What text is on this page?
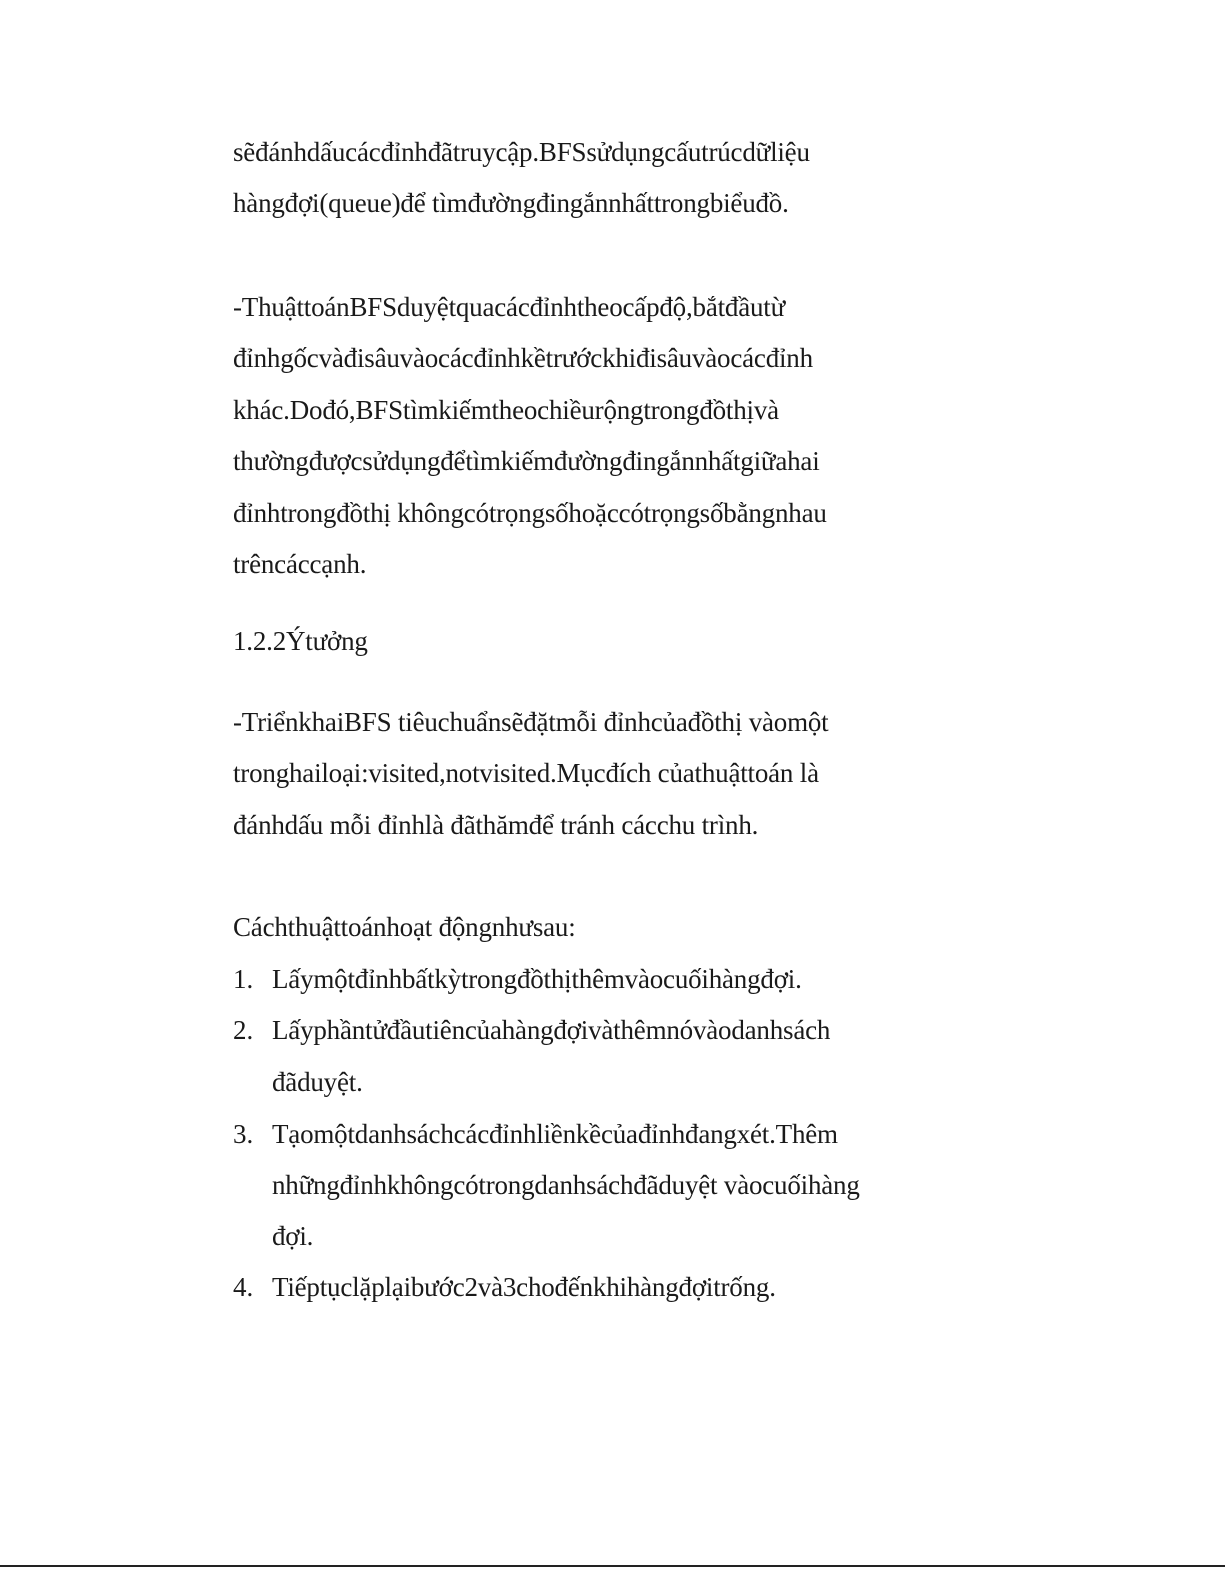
sẽđánhdấucácđỉnhđãtruycập.BFSsửdụngcấutrúcdữliệu
hàngđợi(queue)để tìmđườngđingắnnhấttrongbiểuđồ.
-ThuậttoánBFSduyệtquacácđỉnhtheocấpđộ,bắtđầutừ
đỉnhgốcvàđisâuvàocácđỉnhkềtrướckhiđisâuvàocácđỉnh
khác.Dođó,BFStìmkiếmtheochiềurộngtrongđồthịvà
thườngđượcsửdụngđểtìmkiếmđườngđingắnnhấtgiữahai
đỉnhtrongđồthị khôngcótrọngsốhoặccótrọngsốbằngnhau
trêncáccạnh.
1.2.2Ýtưởng
-TriểnkhaiBFS tiêuchuẩnsẽđặtmỗi đỉnhcủađồthị vàomột
tronghailoại:visited,notvisited.Mụcđích củathuậttoán là
đánhdấu mỗi đỉnhlà đãthămđể tránh cácchu trình.
Cáchthuậttoánhoạt độngnhưsau:
1. Lấymộtđỉnhbấtkỳtrongđồthịthêmvàocuốihàngđợi.
2. Lấyphầntửđầutiêncủahàngđợivàthêmnóvàodanhsách
đãduyệt.
3. Tạomộtdanhsáchcácđỉnhliềnkềcủađỉnhđangxét.Thêm
nhữngđỉnhkhôngcótrongdanhsáchđãduyệt vàocuốihàng
đợi.
4. Tiếptụclặplạibước2và3chođếnkhihàngđợitrống.
